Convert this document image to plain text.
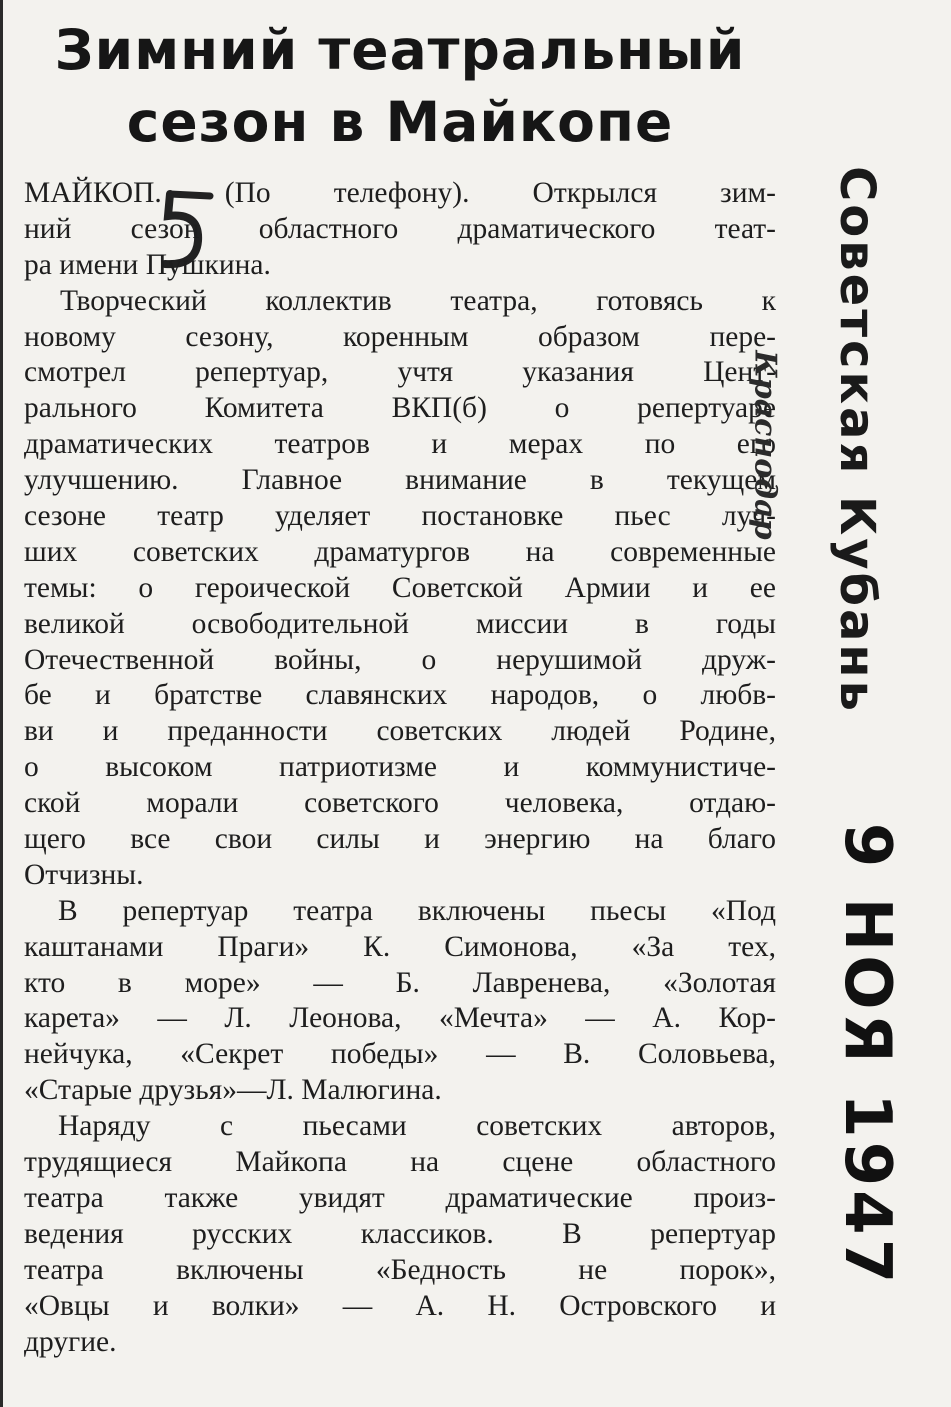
Зимний театральный
сезон в Майкопе
МАЙКОП. (По телефону). Открылся зим-
ний сезон областного драматического теат-
ра имени Пушкина.
Творческий коллектив театра, готовясь к
новому сезону, коренным образом пере-
смотрел репертуар, учтя указания Цент-
рального Комитета ВКП(б) о репертуаре
драматических театров и мерах по его
улучшению. Главное внимание в текущем
сезоне театр уделяет постановке пьес луч-
ших советских драматургов на современные
темы: о героической Советской Армии и ее
великой освободительной миссии в годы
Отечественной войны, о нерушимой друж-
бе и братстве славянских народов, о любв-
ви и преданности советских людей Родине,
о высоком патриотизме и коммунистиче-
ской морали советского человека, отдаю-
щего все свои силы и энергию на благо
Отчизны.
В репертуар театра включены пьесы «Под
каштанами Праги» К. Симонова, «За тех,
кто в море» — Б. Лавренева, «Золотая
карета» — Л. Леонова, «Мечта» — А. Кор-
нейчука, «Секрет победы» — В. Соловьева,
«Старые друзья»—Л. Малюгина.
Наряду с пьесами советских авторов,
трудящиеся Майкопа на сцене областного
театра также увидят драматические произ-
ведения русских классиков. В репертуар
театра включены «Бедность не порок»,
«Овцы и волки» — А. Н. Островского и
другие.
Краснодар Советская Кубань
9 НОЯ 1947
